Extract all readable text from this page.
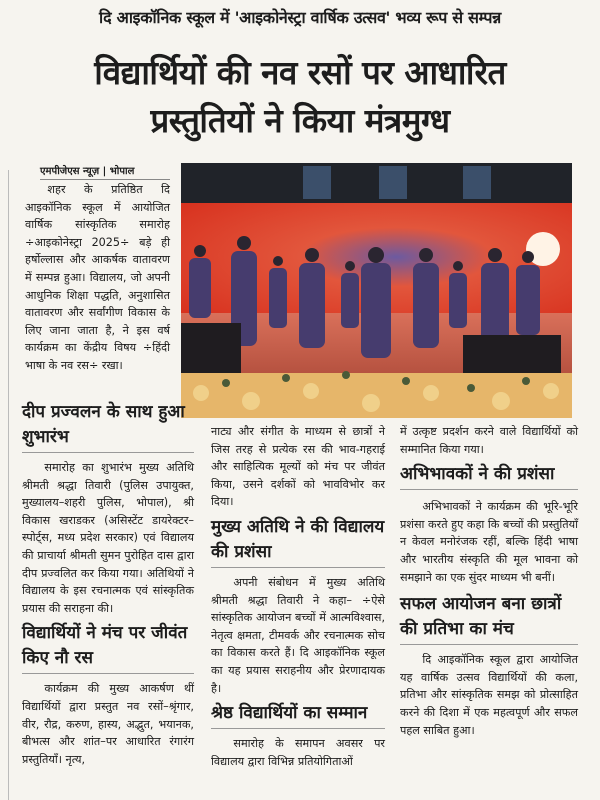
दि आइकॉनिक स्कूल में 'आइकोनेस्ट्रा वार्षिक उत्सव' भव्य रूप से सम्पन्न
विद्यार्थियों की नव रसों पर आधारित
प्रस्तुतियों ने किया मंत्रमुग्ध
एमपीजेएस न्यूज़ | भोपाल

शहर के प्रतिष्ठित दि आइकॉनिक स्कूल में आयोजित वार्षिक सांस्कृतिक समारोह ÷आइकोनेस्ट्रा 2025÷ बड़े ही हर्षोल्लास और आकर्षक वातावरण में सम्पन्न हुआ। विद्यालय, जो अपनी आधुनिक शिक्षा पद्धति, अनुशासित वातावरण और सर्वांगीण विकास के लिए जाना जाता है, ने इस वर्ष कार्यक्रम का केंद्रीय विषय ÷हिंदी भाषा के नव रस÷ रखा।

दीप प्रज्वलन के साथ हुआ शुभारंभ

समारोह का शुभारंभ मुख्य अतिथि श्रीमती श्रद्धा तिवारी (पुलिस उपायुक्त, मुख्यालय–शहरी पुलिस, भोपाल), श्री विकास खराडकर (असिस्टेंट डायरेक्टर–स्पोर्ट्स, मध्य प्रदेश सरकार) एवं विद्यालय की प्राचार्या श्रीमती सुमन पुरोहित दास द्वारा दीप प्रज्वलित कर किया गया। अतिथियों ने विद्यालय के इस रचनात्मक एवं सांस्कृतिक प्रयास की सराहना की।

विद्यार्थियों ने मंच पर जीवंत किए नौ रस

कार्यक्रम की मुख्य आकर्षण थीं विद्यार्थियों द्वारा प्रस्तुत नव रसों–श्रृंगार, वीर, रौद्र, करुण, हास्य, अद्भुत, भयानक, बीभत्स और शांत–पर आधारित रंगारंग प्रस्तुतियाँ। नृत्य,

नाट्य और संगीत के माध्यम से छात्रों ने जिस तरह से प्रत्येक रस की भाव-गहराई और साहित्यिक मूल्यों को मंच पर जीवंत किया, उसने दर्शकों को भावविभोर कर दिया।

मुख्य अतिथि ने की विद्यालय की प्रशंसा

अपनी संबोधन में मुख्य अतिथि श्रीमती श्रद्धा तिवारी ने कहा– ÷ऐसे सांस्कृतिक आयोजन बच्चों में आत्मविश्वास, नेतृत्व क्षमता, टीमवर्क और रचनात्मक सोच का विकास करते हैं। दि आइकॉनिक स्कूल का यह प्रयास सराहनीय और प्रेरणादायक है।

श्रेष्ठ विद्यार्थियों का सम्मान

समारोह के समापन अवसर पर विद्यालय द्वारा विभिन्न प्रतियोगिताओं

में उत्कृष्ट प्रदर्शन करने वाले विद्यार्थियों को सम्मानित किया गया।

अभिभावकों ने की प्रशंसा

अभिभावकों ने कार्यक्रम की भूरि-भूरि प्रशंसा करते हुए कहा कि बच्चों की प्रस्तुतियाँ न केवल मनोरंजक रहीं, बल्कि हिंदी भाषा और भारतीय संस्कृति की मूल भावना को समझाने का एक सुंदर माध्यम भी बनीं।

सफल आयोजन बना छात्रों की प्रतिभा का मंच

दि आइकॉनिक स्कूल द्वारा आयोजित यह वार्षिक उत्सव विद्यार्थियों की कला, प्रतिभा और सांस्कृतिक समझ को प्रोत्साहित करने की दिशा में एक महत्वपूर्ण और सफल पहल साबित हुआ।
